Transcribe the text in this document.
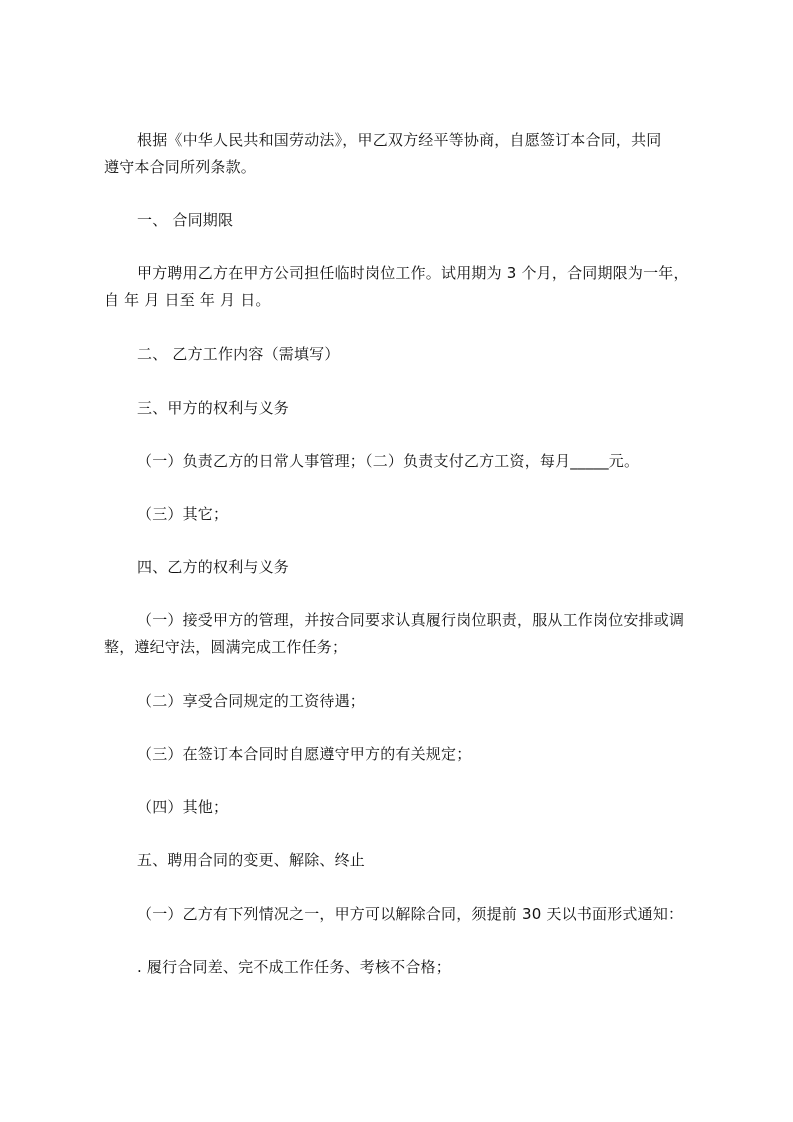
根据《中华人民共和国劳动法》，甲乙双方经平等协商，自愿签订本合同，共同
遵守本合同所列条款。
一、 合同期限
甲方聘用乙方在甲方公司担任临时岗位工作。试用期为 3 个月，合同期限为一年，
自 年 月 日至 年 月 日。
二、 乙方工作内容（需填写）
三、甲方的权利与义务
（一）负责乙方的日常人事管理；（二）负责支付乙方工资，每月_____元。
（三）其它；
四、乙方的权利与义务
（一）接受甲方的管理，并按合同要求认真履行岗位职责，服从工作岗位安排或调
整，遵纪守法，圆满完成工作任务；
（二）享受合同规定的工资待遇；
（三）在签订本合同时自愿遵守甲方的有关规定；
（四）其他；
五、聘用合同的变更、解除、终止
（一）乙方有下列情况之一，甲方可以解除合同，须提前 30 天以书面形式通知：
. 履行合同差、完不成工作任务、考核不合格；
